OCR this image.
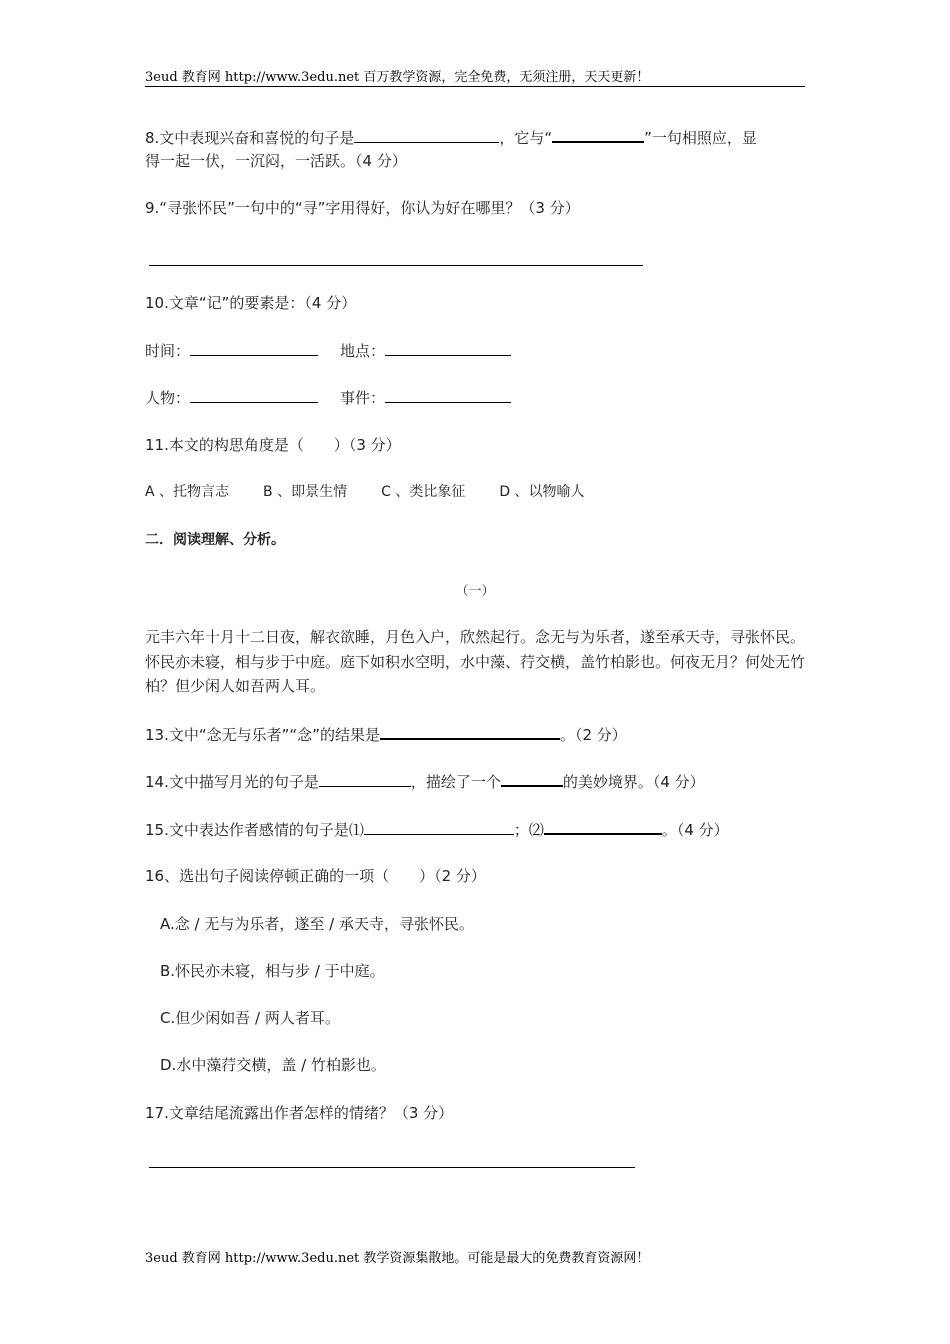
3eud 教育网 http://www.3edu.net 百万教学资源，完全免费，无须注册，天天更新！
8.文中表现兴奋和喜悦的句子是	，它与“	”一句相照应，显
得一起一伏，一沉闷，一活跃。（4 分）
9.“寻张怀民”一句中的“寻”字用得好，你认为好在哪里？（3 分）
10.文章“记”的要素是：（4 分）
时间：	地点：
人物：	事件：
11.本文的构思角度是（　　）（3 分）
A 、托物言志 B 、即景生情 C 、类比象征 D 、以物喻人
二．阅读理解、分析。
（一）
元丰六年十月十二日夜，解衣欲睡，月色入户，欣然起行。念无与为乐者，遂至承天寺，寻张怀民。怀民亦未寝，相与步于中庭。庭下如积水空明，水中藻、荇交横，盖竹柏影也。何夜无月？何处无竹柏？但少闲人如吾两人耳。
13.文中“念无与乐者”“念”的结果是	。（2 分）
14.文中描写月光的句子是	，描绘了一个	的美妙境界。（4 分）
15.文中表达作者感情的句子是⑴	；⑵	。（4 分）
16、选出句子阅读停顿正确的一项（　　）（2 分）
A.念 / 无与为乐者，遂至 / 承天寺，寻张怀民。
B.怀民亦未寝，相与步 / 于中庭。
C.但少闲如吾 / 两人者耳。
D.水中藻荇交横，盖 / 竹柏影也。
17.文章结尾流露出作者怎样的情绪？（3 分）
3eud 教育网 http://www.3edu.net 教学资源集散地。可能是最大的免费教育资源网！
